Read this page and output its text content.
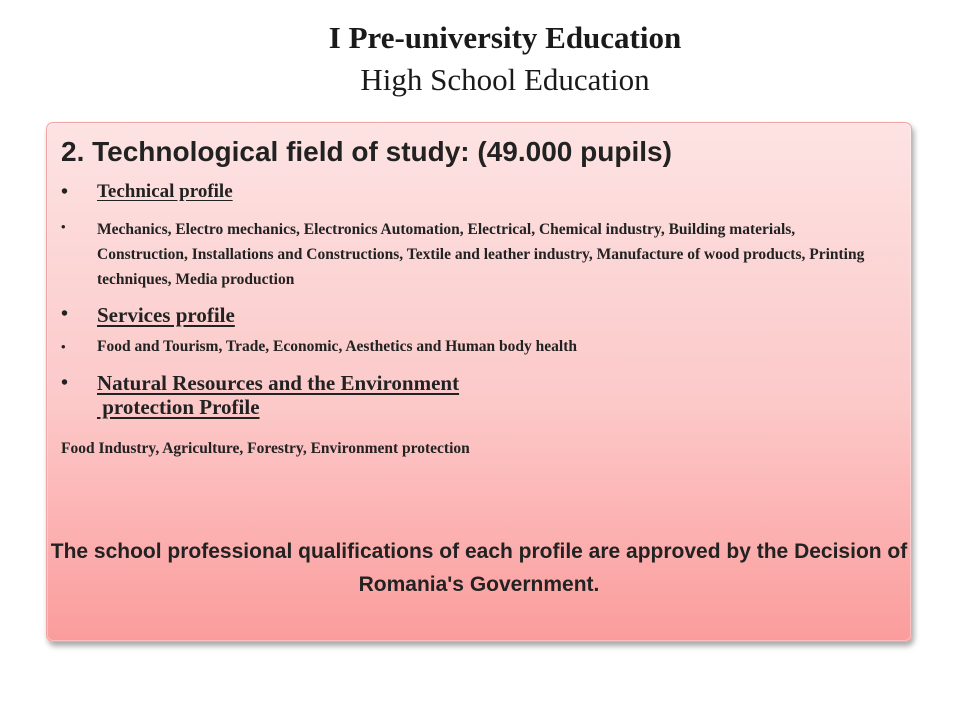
I Pre-university Education
High School Education
2. Technological field of study: (49.000 pupils)
•	Technical profile
•	Mechanics, Electro mechanics, Electronics Automation, Electrical, Chemical industry, Building materials, Construction, Installations and Constructions, Textile and leather industry, Manufacture of wood products, Printing techniques, Media production
•	Services profile
•	Food and Tourism, Trade, Economic, Aesthetics and Human body health
•	Natural Resources and the Environment
protection Profile
Food Industry, Agriculture, Forestry, Environment protection
The school professional qualifications of each profile are approved by the Decision of Romania's Government.
